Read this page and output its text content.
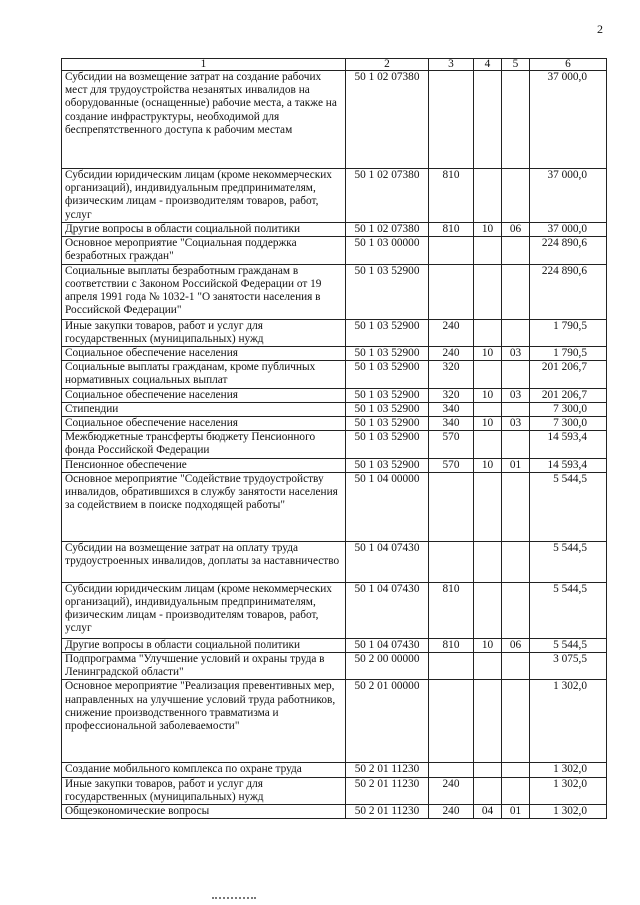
2
1	2	3	4	5	6
Субсидии на возмещение затрат на создание рабочих мест для трудоустройства незанятых инвалидов на оборудованные (оснащенные) рабочие места, а также на создание инфраструктуры, необходимой для беспрепятственного доступа к рабочим местам	50 1 02 07380				37 000,0
Субсидии юридическим лицам (кроме некоммерческих организаций), индивидуальным предпринимателям, физическим лицам - производителям товаров, работ, услуг	50 1 02 07380	810			37 000,0
Другие вопросы в области социальной политики	50 1 02 07380	810	10	06	37 000,0
Основное мероприятие "Социальная поддержка безработных граждан"	50 1 03 00000				224 890,6
Социальные выплаты безработным гражданам в соответствии с Законом Российской Федерации от 19 апреля 1991 года № 1032-1 "О занятости населения в Российской Федерации"	50 1 03 52900				224 890,6
Иные закупки товаров, работ и услуг для государственных (муниципальных) нужд	50 1 03 52900	240			1 790,5
Социальное обеспечение населения	50 1 03 52900	240	10	03	1 790,5
Социальные выплаты гражданам, кроме публичных нормативных социальных выплат	50 1 03 52900	320			201 206,7
Социальное обеспечение населения	50 1 03 52900	320	10	03	201 206,7
Стипендии	50 1 03 52900	340			7 300,0
Социальное обеспечение населения	50 1 03 52900	340	10	03	7 300,0
Межбюджетные трансферты бюджету Пенсионного фонда Российской Федерации	50 1 03 52900	570			14 593,4
Пенсионное обеспечение	50 1 03 52900	570	10	01	14 593,4
Основное мероприятие "Содействие трудоустройству инвалидов, обратившихся в службу занятости населения за содействием в поиске подходящей работы"	50 1 04 00000				5 544,5
Субсидии на возмещение затрат на оплату труда трудоустроенных инвалидов, доплаты за наставничество	50 1 04 07430				5 544,5
Субсидии юридическим лицам (кроме некоммерческих организаций), индивидуальным предпринимателям, физическим лицам - производителям товаров, работ, услуг	50 1 04 07430	810			5 544,5
Другие вопросы в области социальной политики	50 1 04 07430	810	10	06	5 544,5
Подпрограмма "Улучшение условий и охраны труда в Ленинградской области"	50 2 00 00000				3 075,5
Основное мероприятие "Реализация превентивных мер, направленных на улучшение условий труда работников, снижение производственного травматизма и профессиональной заболеваемости"	50 2 01 00000				1 302,0
Создание мобильного комплекса по охране труда	50 2 01 11230				1 302,0
Иные закупки товаров, работ и услуг для государственных (муниципальных) нужд	50 2 01 11230	240			1 302,0
Общеэкономические вопросы	50 2 01 11230	240	04	01	1 302,0
